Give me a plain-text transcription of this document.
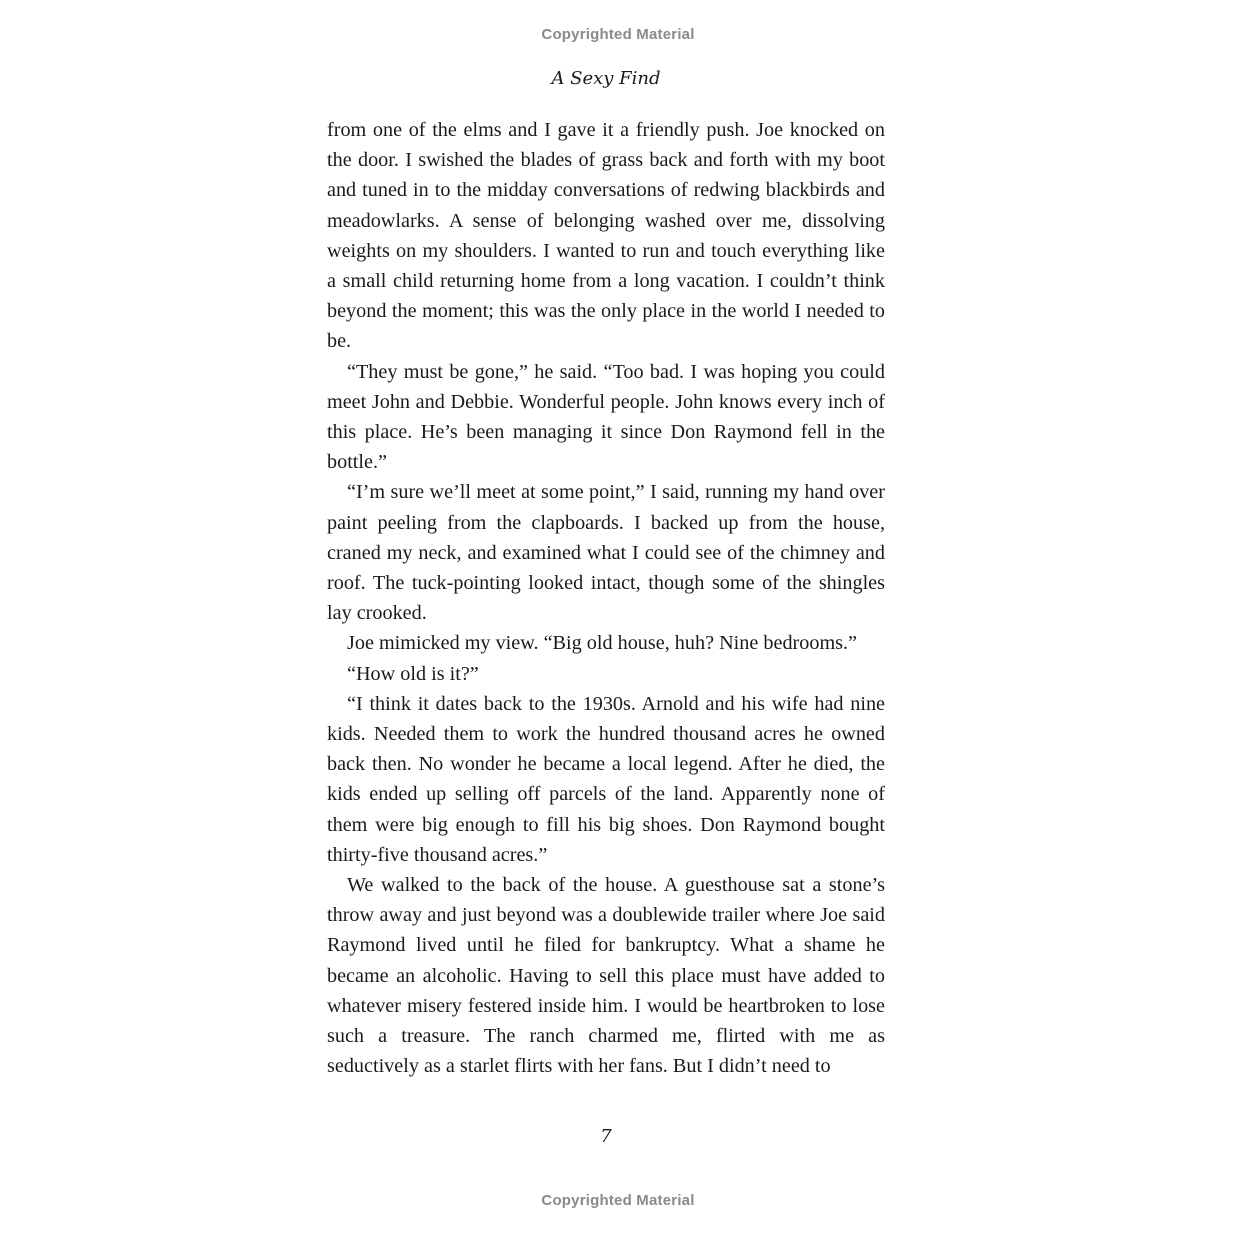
Copyrighted Material
A Sexy Find

from one of the elms and I gave it a friendly push. Joe knocked on the door. I swished the blades of grass back and forth with my boot and tuned in to the midday conversations of redwing blackbirds and meadowlarks. A sense of belonging washed over me, dissolving weights on my shoulders. I wanted to run and touch everything like a small child returning home from a long vacation. I couldn’t think beyond the moment; this was the only place in the world I needed to be.

“They must be gone,” he said. “Too bad. I was hoping you could meet John and Debbie. Wonderful people. John knows every inch of this place. He’s been managing it since Don Raymond fell in the bottle.”

“I’m sure we’ll meet at some point,” I said, running my hand over paint peeling from the clapboards. I backed up from the house, craned my neck, and examined what I could see of the chimney and roof. The tuck-pointing looked intact, though some of the shingles lay crooked.

Joe mimicked my view. “Big old house, huh? Nine bedrooms.”

“How old is it?”

“I think it dates back to the 1930s. Arnold and his wife had nine kids. Needed them to work the hundred thousand acres he owned back then. No wonder he became a local legend. After he died, the kids ended up selling off parcels of the land. Apparently none of them were big enough to fill his big shoes. Don Raymond bought thirty-five thousand acres.”

We walked to the back of the house. A guesthouse sat a stone’s throw away and just beyond was a doublewide trailer where Joe said Raymond lived until he filed for bankruptcy. What a shame he became an alcoholic. Having to sell this place must have added to whatever misery festered inside him. I would be heartbroken to lose such a treasure. The ranch charmed me, flirted with me as seductively as a starlet flirts with her fans. But I didn’t need to

7
Copyrighted Material
